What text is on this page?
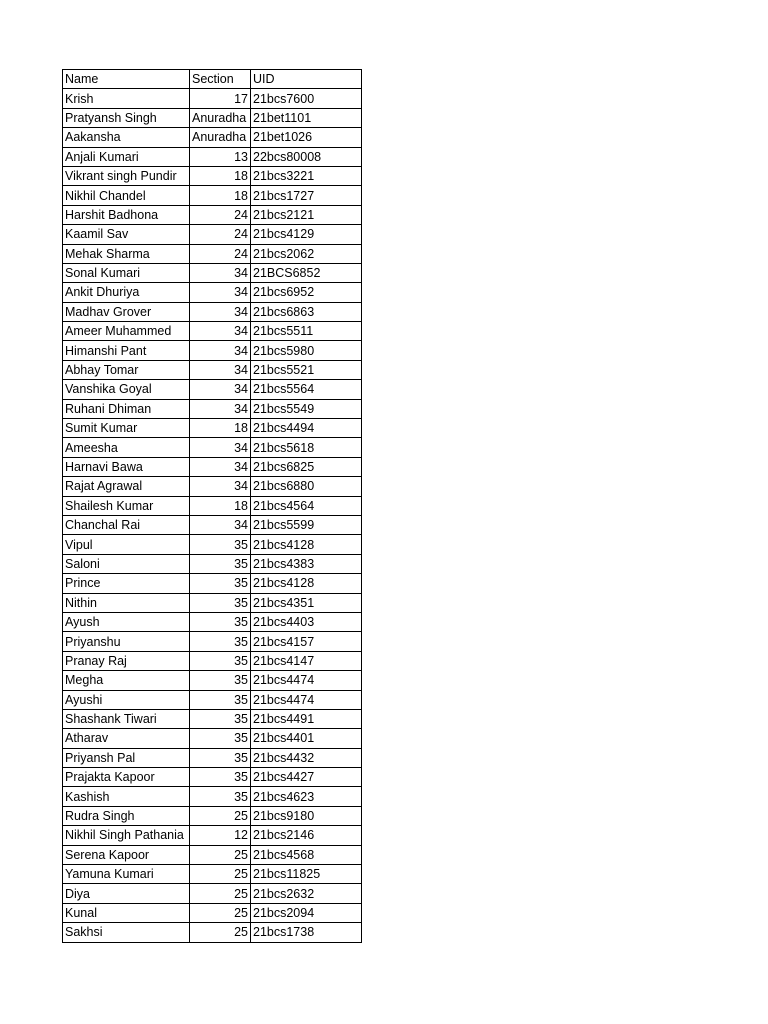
Name	Section	UID
Krish	17	21bcs7600
Pratyansh Singh	Anuradha	21bet1101
Aakansha	Anuradha	21bet1026
Anjali Kumari	13	22bcs80008
Vikrant singh Pundir	18	21bcs3221
Nikhil Chandel	18	21bcs1727
Harshit Badhona	24	21bcs2121
Kaamil Sav	24	21bcs4129
Mehak Sharma	24	21bcs2062
Sonal Kumari	34	21BCS6852
Ankit Dhuriya	34	21bcs6952
Madhav Grover	34	21bcs6863
Ameer Muhammed	34	21bcs5511
Himanshi Pant	34	21bcs5980
Abhay Tomar	34	21bcs5521
Vanshika Goyal	34	21bcs5564
Ruhani Dhiman	34	21bcs5549
Sumit Kumar	18	21bcs4494
Ameesha	34	21bcs5618
Harnavi Bawa	34	21bcs6825
Rajat Agrawal	34	21bcs6880
Shailesh Kumar	18	21bcs4564
Chanchal Rai	34	21bcs5599
Vipul	35	21bcs4128
Saloni	35	21bcs4383
Prince	35	21bcs4128
Nithin	35	21bcs4351
Ayush	35	21bcs4403
Priyanshu	35	21bcs4157
Pranay Raj	35	21bcs4147
Megha	35	21bcs4474
Ayushi	35	21bcs4474
Shashank Tiwari	35	21bcs4491
Atharav	35	21bcs4401
Priyansh Pal	35	21bcs4432
Prajakta Kapoor	35	21bcs4427
Kashish	35	21bcs4623
Rudra Singh	25	21bcs9180
Nikhil Singh Pathania	12	21bcs2146
Serena Kapoor	25	21bcs4568
Yamuna Kumari	25	21bcs11825
Diya	25	21bcs2632
Kunal	25	21bcs2094
Sakhsi	25	21bcs1738
